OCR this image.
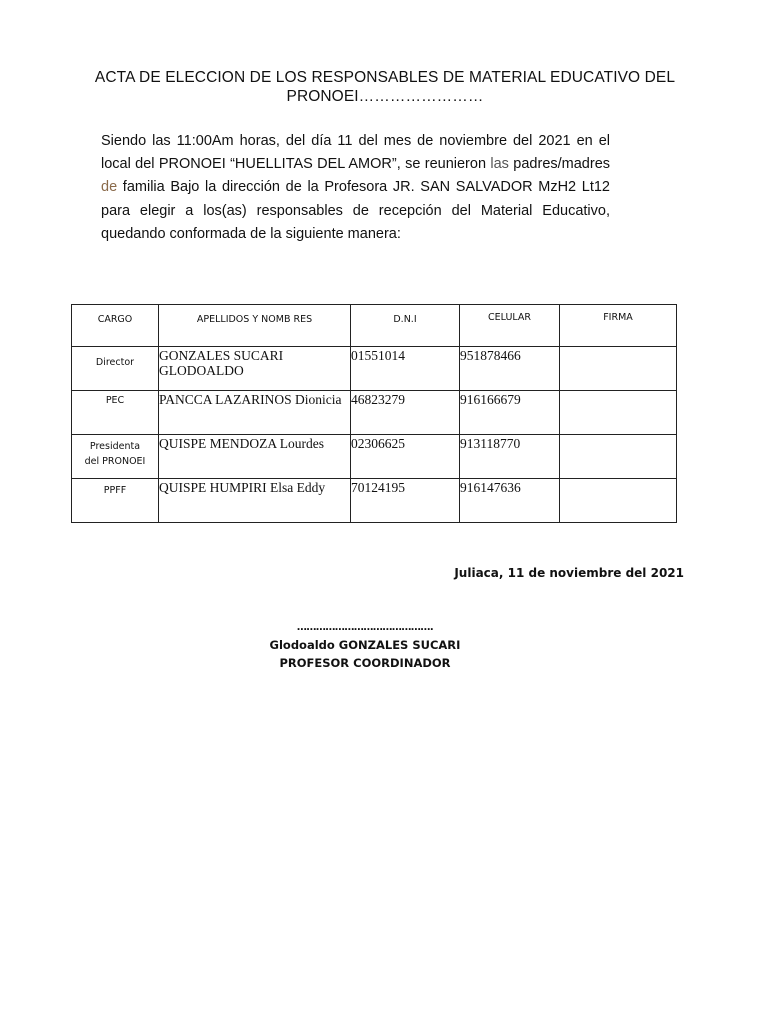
ACTA DE ELECCION DE LOS RESPONSABLES DE MATERIAL EDUCATIVO DEL
PRONOEI……………………
Siendo las 11:00Am horas, del día 11 del mes de noviembre del 2021 en el local del PRONOEI “HUELLITAS DEL AMOR”, se reunieron las padres/madres de familia Bajo la dirección de la Profesora JR. SAN SALVADOR MzH2 Lt12 para elegir a los(as) responsables de recepción del Material Educativo, quedando conformada de la siguiente manera:
CARGO	APELLIDOS Y NOMB RES	D.N.I	CELULAR	FIRMA
Director	GONZALES SUCARI GLODOALDO	01551014	951878466	
PEC	PANCCA LAZARINOS Dionicia	46823279	916166679	

Presidenta
del PRONOEI	QUISPE MENDOZA Lourdes	02306625	913118770	
PPFF	QUISPE HUMPIRI Elsa Eddy	70124195	916147636	
Juliaca, 11 de noviembre del 2021
…………………………………….
Glodoaldo GONZALES SUCARI
PROFESOR COORDINADOR
